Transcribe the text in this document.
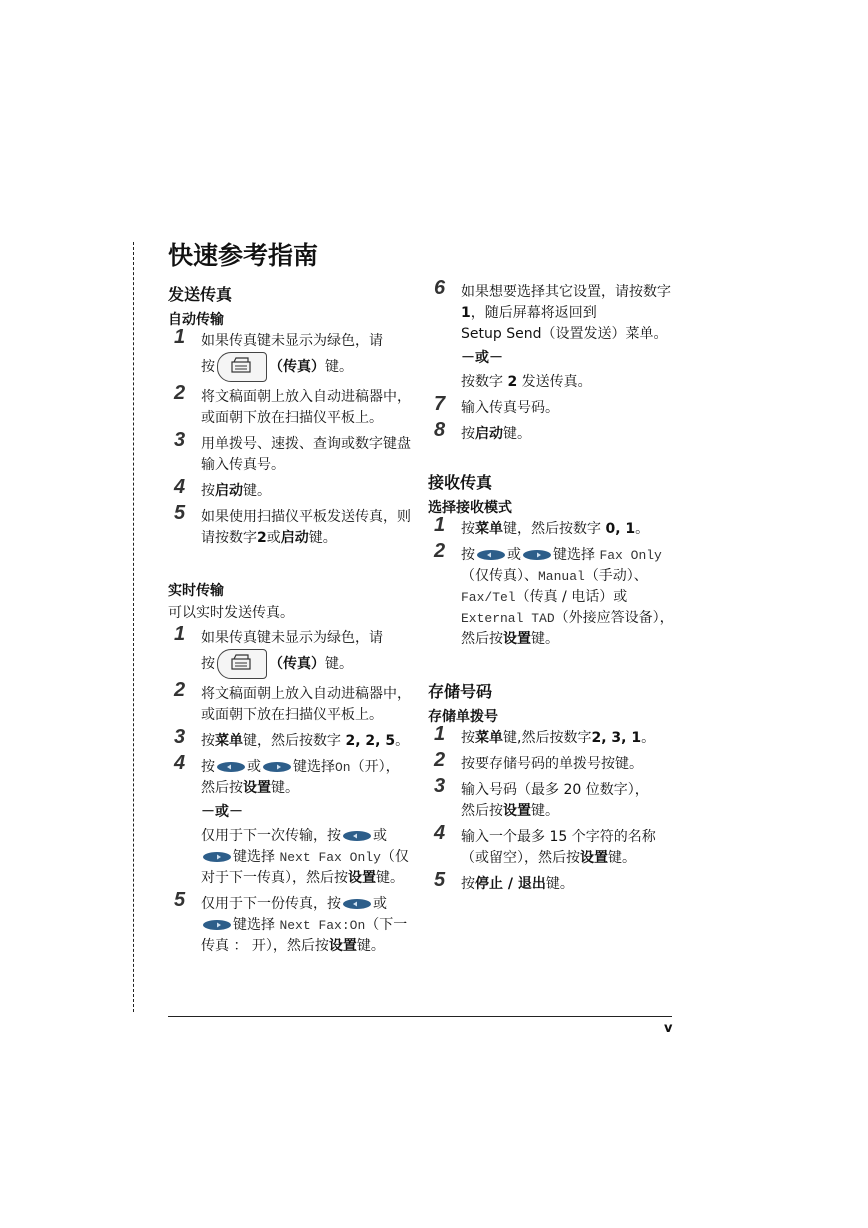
快速参考指南
发送传真
自动传输
1 如果传真键未显示为绿色，请

按	（传真）键。

2 将文稿面朝上放入自动进稿器中，或面朝下放在扫描仪平板上。

3 用单拨号、速拨、查询或数字键盘输入传真号。

4 按启动键。

5 如果使用扫描仪平板发送传真，则请按数字2或启动键。

实时传输

可以实时发送传真。

1 如果传真键未显示为绿色，请

按	（传真）键。

2 将文稿面朝上放入自动进稿器中，或面朝下放在扫描仪平板上。

3 按菜单键，然后按数字 2, 2, 5。

4 按 或 键选择On（开），

然后按设置键。

－或－

仅用于下一次传输，按 或
键选择 Next Fax Only（仅对于下一传真），然后按设置键。

5 仅用于下一份传真，按 或
键选择 Next Fax:On（下一传真 ： 开），然后按设置键。

6 如果想要选择其它设置，请按数字 1，随后屏幕将返回到

Setup Send（设置发送）菜单。

－或－

按数字 2 发送传真。

7 输入传真号码。

8 按启动键。

接收传真
选择接收模式
1 按菜单键，然后按数字 0, 1。

2 按 或 键选择 Fax Only（仅传真）、Manual（手动）、Fax/Tel（传真 / 电话）或 External TAD（外接应答设备），然后按设置键。

存储号码
存储单拨号
1 按菜单键,然后按数字2, 3, 1。

2 按要存储号码的单拨号按键。

3 输入号码（最多 20 位数字），

然后按设置键。

4 输入一个最多 15 个字符的名称（或留空），然后按设置键。

5 按停止 / 退出键。

v
